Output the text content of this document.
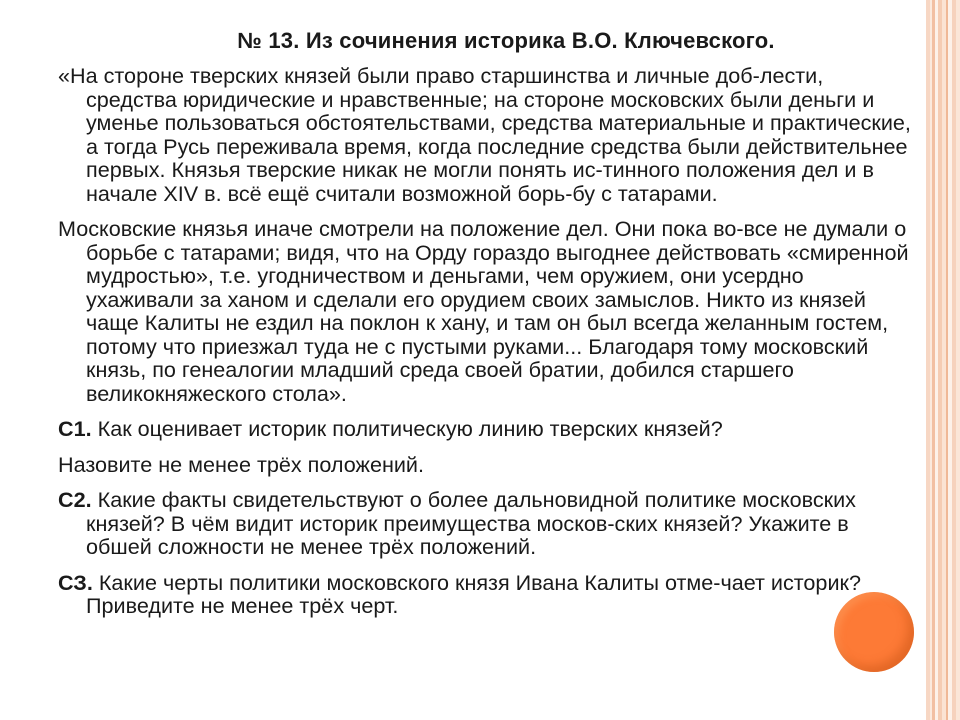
№ 13. Из сочинения историка В.О. Ключевского.

«На стороне тверских князей были право старшинства и личные доб-лести, средства юридические и нравственные; на стороне московских были деньги и уменье пользоваться обстоятельствами, средства материальные и практические, а тогда Русь переживала время, когда последние средства были действительнее первых. Князья тверские никак не могли понять ис-тинного положения дел и в начале XIV в. всё ещё считали возможной борь-бу с татарами.

Московские князья иначе смотрели на положение дел. Они пока во-все не думали о борьбе с татарами; видя, что на Орду гораздо выгоднее действовать «смиренной мудростью», т.е. угодничеством и деньгами, чем оружием, они усердно ухаживали за ханом и сделали его орудием своих замыслов. Никто из князей чаще Калиты не ездил на поклон к хану, и там он был всегда желанным гостем, потому что приезжал туда не с пустыми руками... Благодаря тому московский князь, по генеалогии младший среда своей братии, добился старшего великокняжеского стола».

С1. Как оценивает историк политическую линию тверских князей?

Назовите не менее трёх положений.

С2. Какие факты свидетельствуют о более дальновидной политике московских князей? В чём видит историк преимущества москов-ских князей? Укажите в обшей сложности не менее трёх положений.

СЗ. Какие черты политики московского князя Ивана Калиты отме-чает историк? Приведите не менее трёх черт.
